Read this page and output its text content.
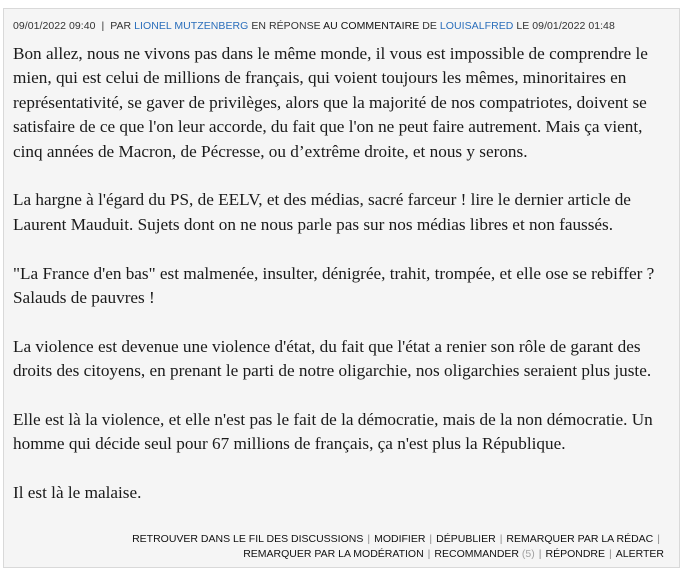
09/01/2022 09:40  |  PAR LIONEL MUTZENBERG EN RÉPONSE AU COMMENTAIRE DE LOUISALFRED LE 09/01/2022 01:48

Bon allez, nous ne vivons pas dans le même monde, il vous est impossible de comprendre le mien, qui est celui de millions de français, qui voient toujours les mêmes, minoritaires en représentativité, se gaver de privilèges, alors que la majorité de nos compatriotes, doivent se satisfaire de ce que l'on leur accorde, du fait que l'on ne peut faire autrement. Mais ça vient, cinq années de Macron, de Pécresse, ou d’extrême droite, et nous y serons.

La hargne à l'égard du PS, de EELV, et des médias, sacré farceur ! lire le dernier article de Laurent Mauduit. Sujets dont on ne nous parle pas sur nos médias libres et non faussés.

"La France d'en bas" est malmenée, insulter, dénigrée, trahit, trompée, et elle ose se rebiffer ? Salauds de pauvres !

La violence est devenue une violence d'état, du fait que l'état a renier son rôle de garant des droits des citoyens, en prenant le parti de notre oligarchie, nos oligarchies seraient plus juste.

Elle est là la violence, et elle n'est pas le fait de la démocratie, mais de la non démocratie. Un homme qui décide seul pour 67 millions de français, ça n'est plus la République.

Il est là le malaise.

RETROUVER DANS LE FIL DES DISCUSSIONS | MODIFIER | DÉPUBLIER | REMARQUER PAR LA RÉDAC |
REMARQUER PAR LA MODÉRATION | RECOMMANDER (5) | RÉPONDRE | ALERTER
